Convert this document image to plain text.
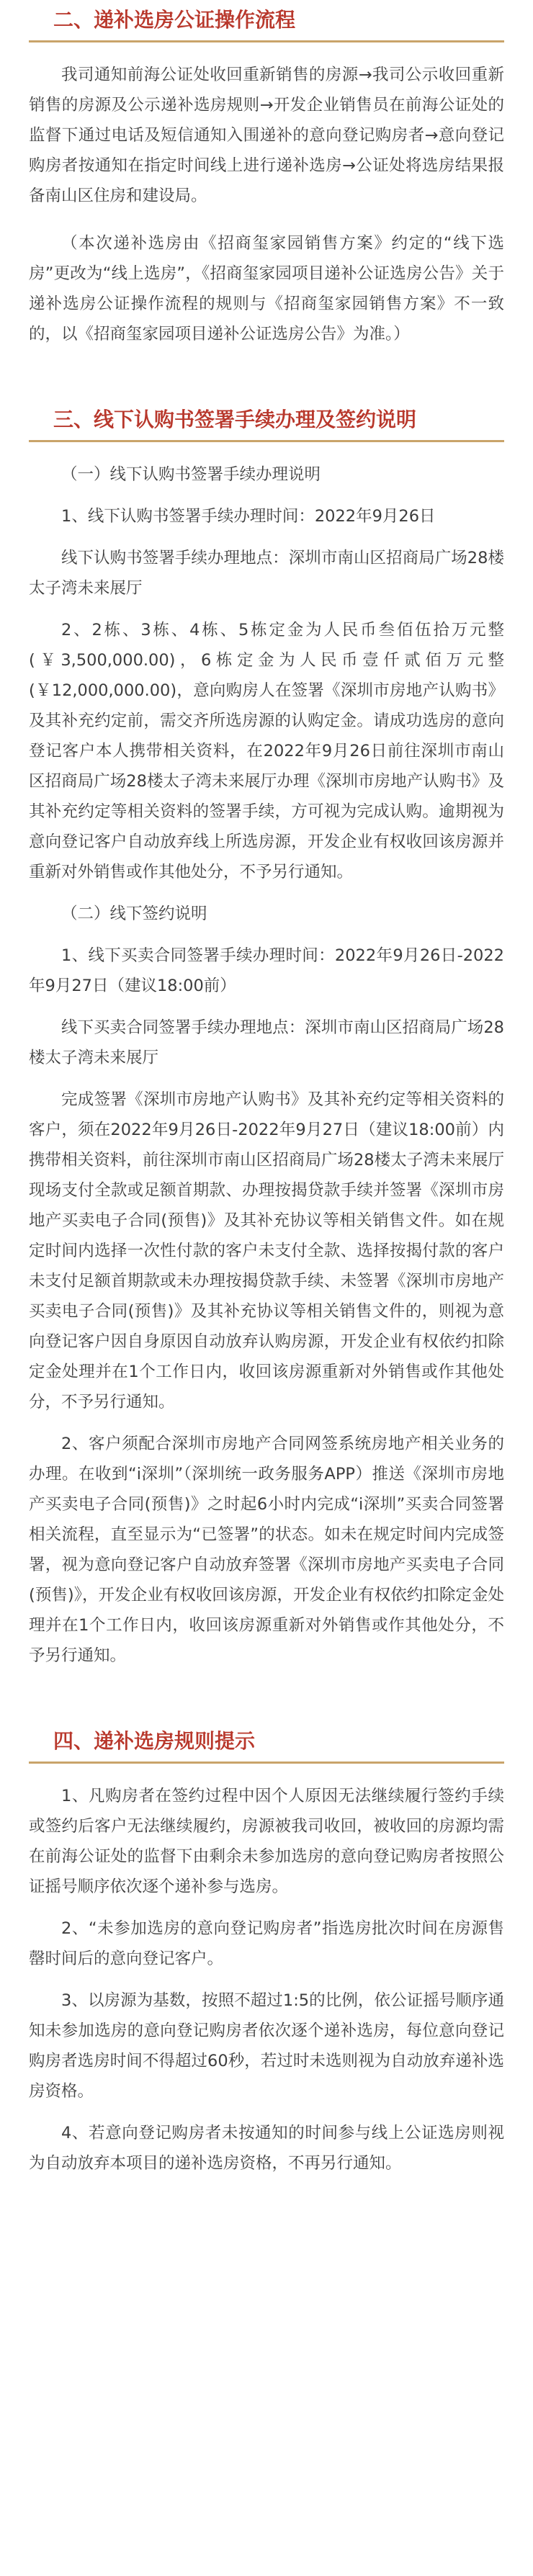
二、递补选房公证操作流程

我司通知前海公证处收回重新销售的房源→我司公示收回重新销售的房源及公示递补选房规则→开发企业销售员在前海公证处的监督下通过电话及短信通知入围递补的意向登记购房者→意向登记购房者按通知在指定时间线上进行递补选房→公证处将选房结果报备南山区住房和建设局。

（本次递补选房由《招商玺家园销售方案》约定的“线下选房”更改为“线上选房”，《招商玺家园项目递补公证选房公告》关于递补选房公证操作流程的规则与《招商玺家园销售方案》不一致的，以《招商玺家园项目递补公证选房公告》为准。）

三、线下认购书签署手续办理及签约说明

（一）线下认购书签署手续办理说明

1、线下认购书签署手续办理时间：2022年9月26日

线下认购书签署手续办理地点：深圳市南山区招商局广场28楼太子湾未来展厅

2、2栋、3栋、4栋、5栋定金为人民币叁佰伍拾万元整(￥3,500,000.00)，6栋定金为人民币壹仟贰佰万元整(￥12,000,000.00)，意向购房人在签署《深圳市房地产认购书》及其补充约定前，需交齐所选房源的认购定金。请成功选房的意向登记客户本人携带相关资料，在2022年9月26日前往深圳市南山区招商局广场28楼太子湾未来展厅办理《深圳市房地产认购书》及其补充约定等相关资料的签署手续，方可视为完成认购。逾期视为意向登记客户自动放弃线上所选房源，开发企业有权收回该房源并重新对外销售或作其他处分，不予另行通知。

（二）线下签约说明

1、线下买卖合同签署手续办理时间：2022年9月26日-2022年9月27日（建议18:00前）

线下买卖合同签署手续办理地点：深圳市南山区招商局广场28楼太子湾未来展厅

完成签署《深圳市房地产认购书》及其补充约定等相关资料的客户，须在2022年9月26日-2022年9月27日（建议18:00前）内携带相关资料，前往深圳市南山区招商局广场28楼太子湾未来展厅现场支付全款或足额首期款、办理按揭贷款手续并签署《深圳市房地产买卖电子合同(预售)》及其补充协议等相关销售文件。如在规定时间内选择一次性付款的客户未支付全款、选择按揭付款的客户未支付足额首期款或未办理按揭贷款手续、未签署《深圳市房地产买卖电子合同(预售)》及其补充协议等相关销售文件的，则视为意向登记客户因自身原因自动放弃认购房源，开发企业有权依约扣除定金处理并在1个工作日内，收回该房源重新对外销售或作其他处分，不予另行通知。

2、客户须配合深圳市房地产合同网签系统房地产相关业务的办理。在收到“i深圳”（深圳统一政务服务APP）推送《深圳市房地产买卖电子合同(预售)》之时起6小时内完成“i深圳”买卖合同签署相关流程，直至显示为“已签署”的状态。如未在规定时间内完成签署，视为意向登记客户自动放弃签署《深圳市房地产买卖电子合同(预售)》，开发企业有权收回该房源，开发企业有权依约扣除定金处理并在1个工作日内，收回该房源重新对外销售或作其他处分，不予另行通知。

四、递补选房规则提示

1、凡购房者在签约过程中因个人原因无法继续履行签约手续或签约后客户无法继续履约，房源被我司收回，被收回的房源均需在前海公证处的监督下由剩余未参加选房的意向登记购房者按照公证摇号顺序依次逐个递补参与选房。

2、“未参加选房的意向登记购房者”指选房批次时间在房源售罄时间后的意向登记客户。

3、以房源为基数，按照不超过1:5的比例，依公证摇号顺序通知未参加选房的意向登记购房者依次逐个递补选房，每位意向登记购房者选房时间不得超过60秒，若过时未选则视为自动放弃递补选房资格。

4、若意向登记购房者未按通知的时间参与线上公证选房则视为自动放弃本项目的递补选房资格，不再另行通知。
